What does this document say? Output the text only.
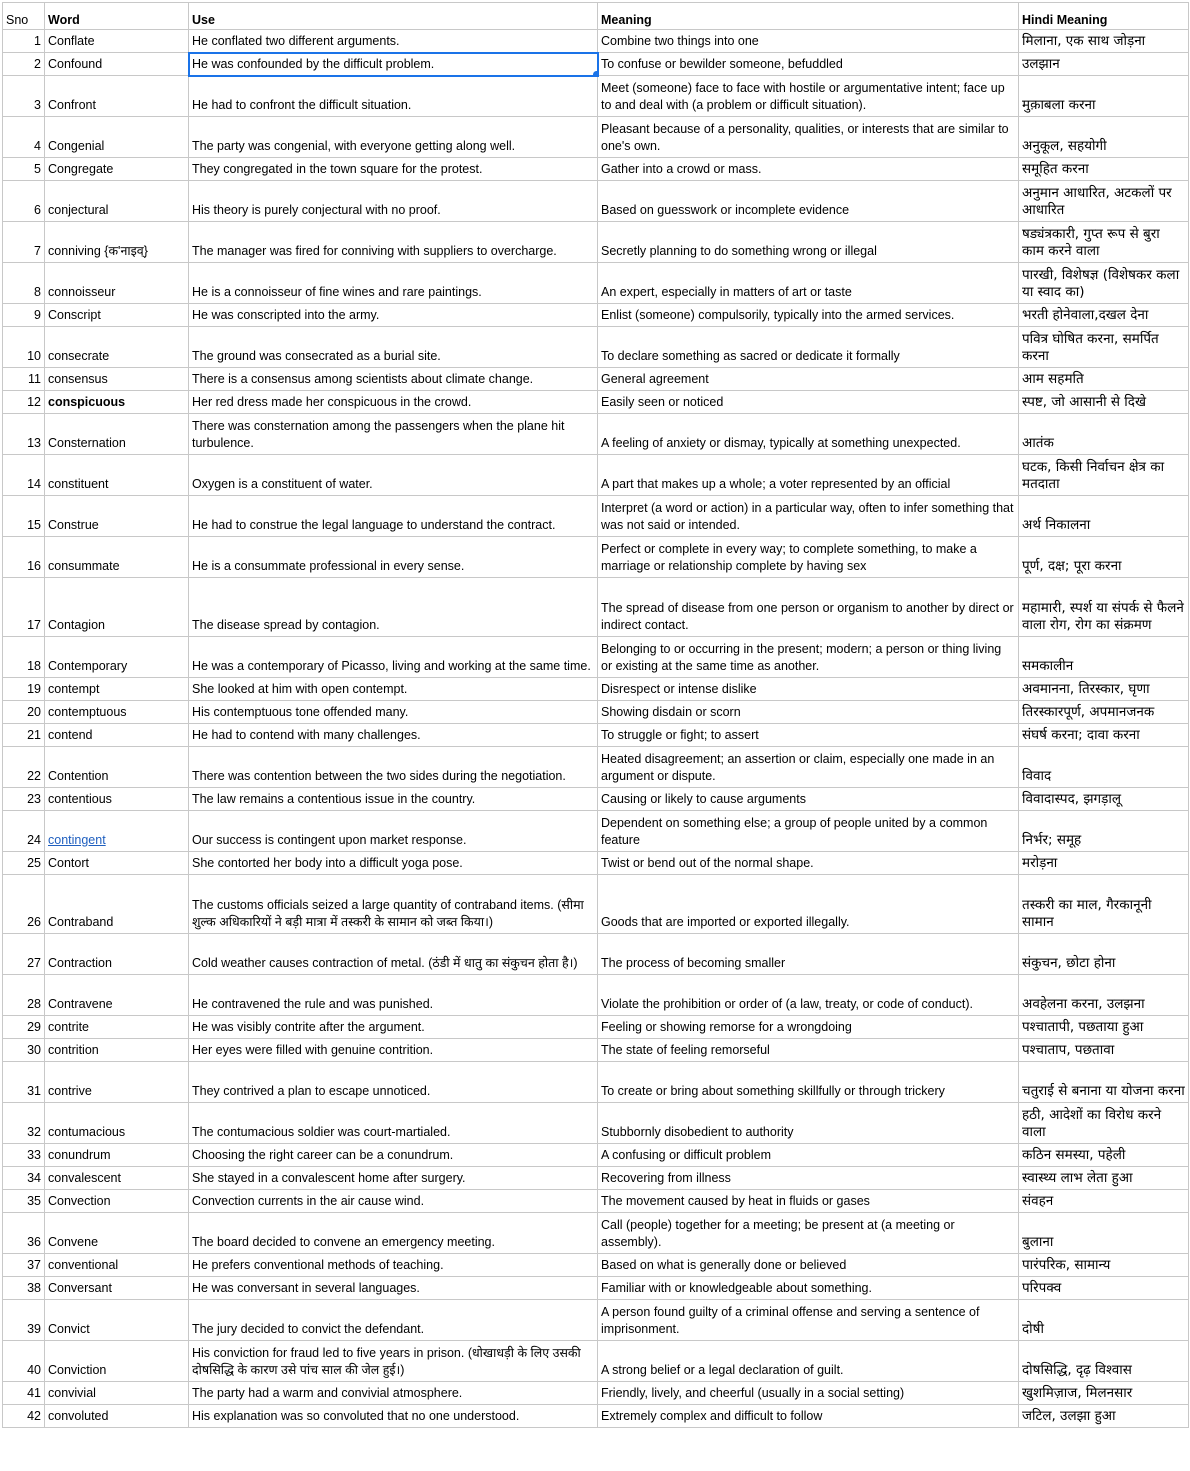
Sno	Word	Use	Meaning	Hindi Meaning
1	Conflate	He conflated two different arguments.	Combine two things into one	मिलाना, एक साथ जोड़ना
2	Confound	He was confounded by the difficult problem.	To confuse or bewilder someone, befuddled	उलझान
3	Confront	He had to confront the difficult situation.	Meet (someone) face to face with hostile or argumentative intent; face up to and deal with (a problem or difficult situation).	मुक़ाबला करना
4	Congenial	The party was congenial, with everyone getting along well.	Pleasant because of a personality, qualities, or interests that are similar to one's own.	अनुकूल, सहयोगी
5	Congregate	They congregated in the town square for the protest.	Gather into a crowd or mass.	समूहित करना
6	conjectural	His theory is purely conjectural with no proof.	Based on guesswork or incomplete evidence	अनुमान आधारित, अटकलों पर आधारित
7	conniving {क'नाइव्}	The manager was fired for conniving with suppliers to overcharge.	Secretly planning to do something wrong or illegal	षड्यंत्रकारी, गुप्त रूप से बुरा काम करने वाला
8	connoisseur	He is a connoisseur of fine wines and rare paintings.	An expert, especially in matters of art or taste	पारखी, विशेषज्ञ (विशेषकर कला या स्वाद का)
9	Conscript	He was conscripted into the army.	Enlist (someone) compulsorily, typically into the armed services.	भरती होनेवाला,दखल देना
10	consecrate	The ground was consecrated as a burial site.	To declare something as sacred or dedicate it formally	पवित्र घोषित करना, समर्पित करना
11	consensus	There is a consensus among scientists about climate change.	General agreement	आम सहमति
12	conspicuous	Her red dress made her conspicuous in the crowd.	Easily seen or noticed	स्पष्ट, जो आसानी से दिखे
13	Consternation	There was consternation among the passengers when the plane hit turbulence.	A feeling of anxiety or dismay, typically at something unexpected.	आतंक
14	constituent	Oxygen is a constituent of water.	A part that makes up a whole; a voter represented by an official	घटक, किसी निर्वाचन क्षेत्र का मतदाता
15	Construe	He had to construe the legal language to understand the contract.	Interpret (a word or action) in a particular way, often to infer something that was not said or intended.	अर्थ निकालना
16	consummate	He is a consummate professional in every sense.	Perfect or complete in every way; to complete something, to make a marriage or relationship complete by having sex	पूर्ण, दक्ष; पूरा करना
17	Contagion	The disease spread by contagion.	The spread of disease from one person or organism to another by direct or indirect contact.	महामारी, स्पर्श या संपर्क से फैलने वाला रोग, रोग का संक्रमण
18	Contemporary	He was a contemporary of Picasso, living and working at the same time.	Belonging to or occurring in the present; modern; a person or thing living or existing at the same time as another.	समकालीन
19	contempt	She looked at him with open contempt.	Disrespect or intense dislike	अवमानना, तिरस्कार, घृणा
20	contemptuous	His contemptuous tone offended many.	Showing disdain or scorn	तिरस्कारपूर्ण, अपमानजनक
21	contend	He had to contend with many challenges.	To struggle or fight; to assert	संघर्ष करना; दावा करना
22	Contention	There was contention between the two sides during the negotiation.	Heated disagreement; an assertion or claim, especially one made in an argument or dispute.	विवाद
23	contentious	The law remains a contentious issue in the country.	Causing or likely to cause arguments	विवादास्पद, झगड़ालू
24	contingent	Our success is contingent upon market response.	Dependent on something else; a group of people united by a common feature	निर्भर; समूह
25	Contort	She contorted her body into a difficult yoga pose.	Twist or bend out of the normal shape.	मरोड़ना
26	Contraband	The customs officials seized a large quantity of contraband items. (सीमा शुल्क अधिकारियों ने बड़ी मात्रा में तस्करी के सामान को जब्त किया।)	Goods that are imported or exported illegally.	तस्करी का माल, गैरकानूनी सामान
27	Contraction	Cold weather causes contraction of metal. (ठंडी में धातु का संकुचन होता है।)	The process of becoming smaller	संकुचन, छोटा होना
28	Contravene	He contravened the rule and was punished.	Violate the prohibition or order of (a law, treaty, or code of conduct).	अवहेलना करना, उलझना
29	contrite	He was visibly contrite after the argument.	Feeling or showing remorse for a wrongdoing	पश्चातापी, पछताया हुआ
30	contrition	Her eyes were filled with genuine contrition.	The state of feeling remorseful	पश्चाताप, पछतावा
31	contrive	They contrived a plan to escape unnoticed.	To create or bring about something skillfully or through trickery	चतुराई से बनाना या योजना करना
32	contumacious	The contumacious soldier was court-martialed.	Stubbornly disobedient to authority	हठी, आदेशों का विरोध करने वाला
33	conundrum	Choosing the right career can be a conundrum.	A confusing or difficult problem	कठिन समस्या, पहेली
34	convalescent	She stayed in a convalescent home after surgery.	Recovering from illness	स्वास्थ्य लाभ लेता हुआ
35	Convection	Convection currents in the air cause wind.	The movement caused by heat in fluids or gases	संवहन
36	Convene	The board decided to convene an emergency meeting.	Call (people) together for a meeting; be present at (a meeting or assembly).	बुलाना
37	conventional	He prefers conventional methods of teaching.	Based on what is generally done or believed	पारंपरिक, सामान्य
38	Conversant	He was conversant in several languages.	Familiar with or knowledgeable about something.	परिपक्व
39	Convict	The jury decided to convict the defendant.	A person found guilty of a criminal offense and serving a sentence of imprisonment.	दोषी
40	Conviction	His conviction for fraud led to five years in prison. (धोखाधड़ी के लिए उसकी दोषसिद्धि के कारण उसे पांच साल की जेल हुई।)	A strong belief or a legal declaration of guilt.	दोषसिद्धि, दृढ़ विश्वास
41	convivial	The party had a warm and convivial atmosphere.	Friendly, lively, and cheerful (usually in a social setting)	खुशमिज़ाज, मिलनसार
42	convoluted	His explanation was so convoluted that no one understood.	Extremely complex and difficult to follow	जटिल, उलझा हुआ
